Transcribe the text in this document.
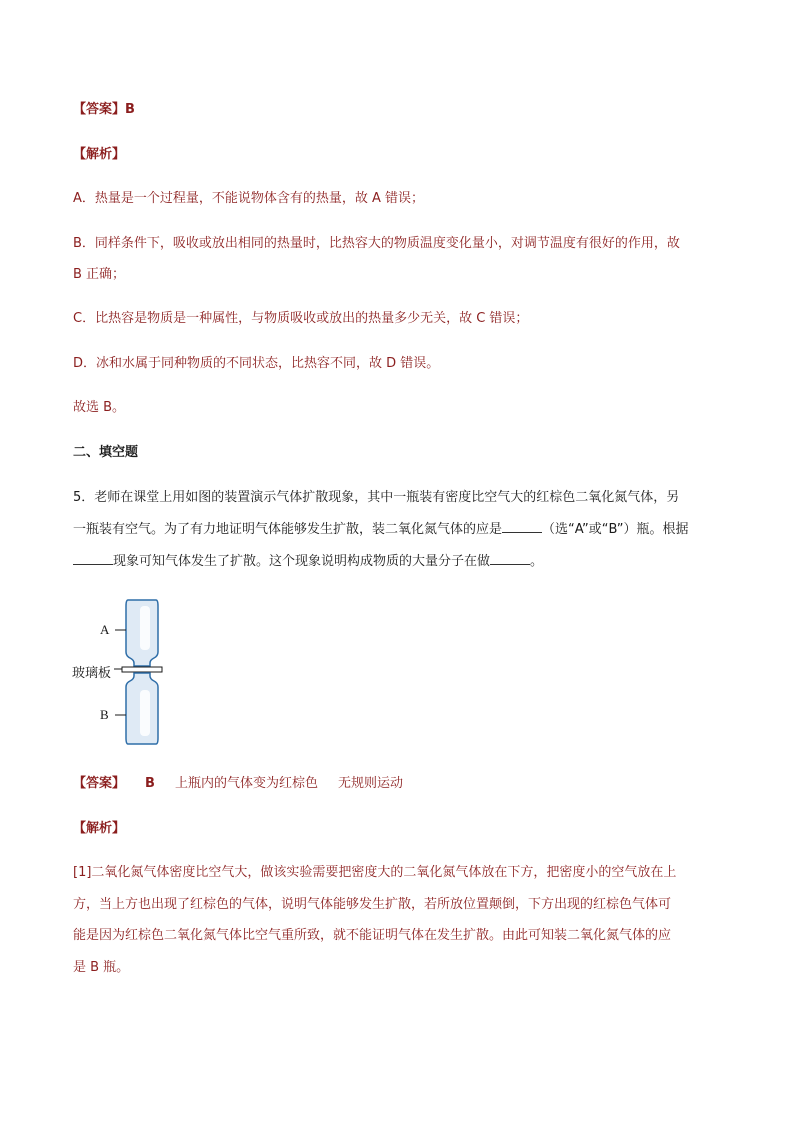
【答案】B
【解析】
A．热量是一个过程量，不能说物体含有的热量，故 A 错误；
B．同样条件下，吸收或放出相同的热量时，比热容大的物质温度变化量小，对调节温度有很好的作用，故
B 正确；
C．比热容是物质是一种属性，与物质吸收或放出的热量多少无关，故 C 错误；
D．冰和水属于同种物质的不同状态，比热容不同，故 D 错误。
故选 B。
二、填空题
5．老师在课堂上用如图的装置演示气体扩散现象，其中一瓶装有密度比空气大的红棕色二氧化氮气体，另
一瓶装有空气。为了有力地证明气体能够发生扩散，装二氧化氮气体的应是	（选“A”或“B”）瓶。根据
现象可知气体发生了扩散。这个现象说明构成物质的大量分子在做	。
A
B
玻璃板
【答案】 B 上瓶内的气体变为红棕色 无规则运动
【解析】
[1]二氧化氮气体密度比空气大，做该实验需要把密度大的二氧化氮气体放在下方，把密度小的空气放在上
方，当上方也出现了红棕色的气体，说明气体能够发生扩散，若所放位置颠倒，下方出现的红棕色气体可
能是因为红棕色二氧化氮气体比空气重所致，就不能证明气体在发生扩散。由此可知装二氧化氮气体的应
是 B 瓶。
